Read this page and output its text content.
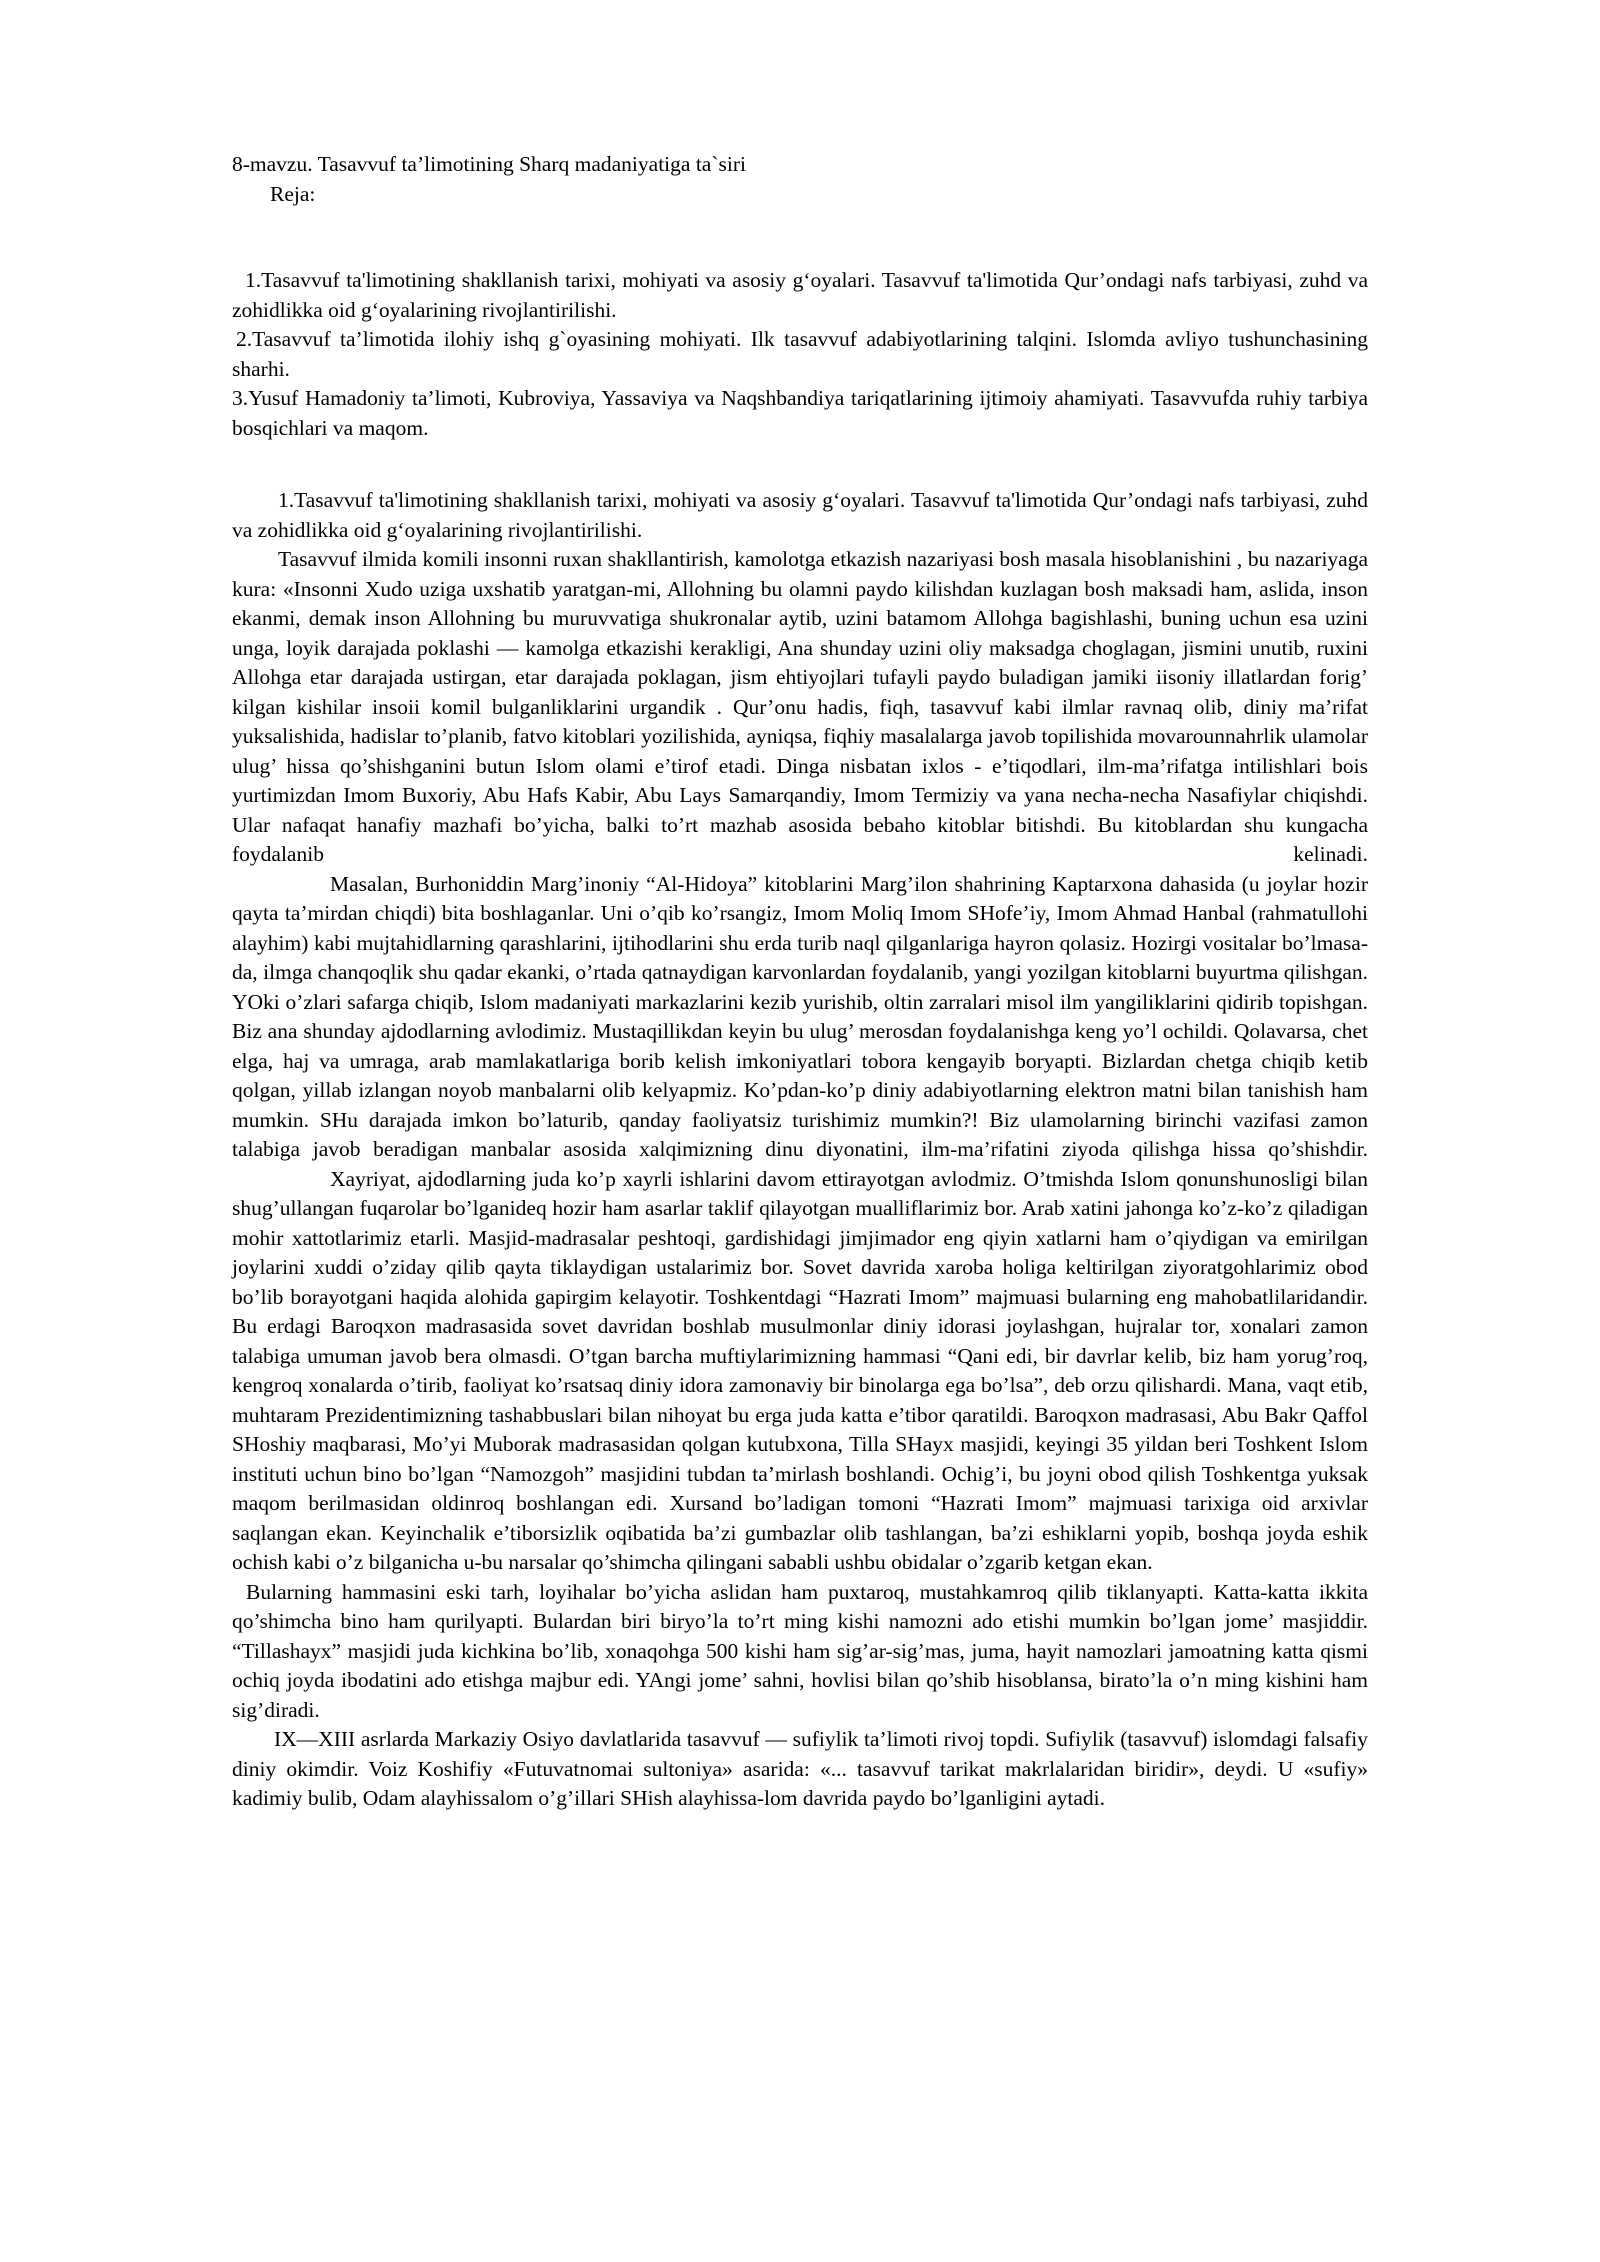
8-mavzu. Tasavvuf ta’limotining Sharq madaniyatiga ta`siri

Reja:

1.Tasavvuf ta'limotining shakllanish tarixi, mohiyati va asosiy g‘oyalari. Tasavvuf ta'limotida Qur’ondagi nafs tarbiyasi, zuhd va zohidlikka oid g‘oyalarining rivojlantirilishi.

2.Tasavvuf ta’limotida ilohiy ishq g`oyasining mohiyati. Ilk tasavvuf adabiyotlarining talqini. Islomda avliyo tushunchasining sharhi.

3.Yusuf Hamadoniy ta’limoti, Kubroviya, Yassaviya va Naqshbandiya tariqatlarining ijtimoiy ahamiyati. Tasavvufda ruhiy tarbiya bosqichlari va maqom.

1.Tasavvuf ta'limotining shakllanish tarixi, mohiyati va asosiy g‘oyalari. Tasavvuf ta'limotida Qur’ondagi nafs tarbiyasi, zuhd va zohidlikka oid g‘oyalarining rivojlantirilishi.

Tasavvuf ilmida komili insonni ruxan shakllantirish, kamolotga etkazish nazariyasi bosh masala hisoblanishini , bu nazariyaga kura: «Insonni Xudo uziga uxshatib yaratgan-mi, Allohning bu olamni paydo kilishdan kuzlagan bosh maksadi ham, aslida, inson ekanmi, demak inson Allohning bu muruvvatiga shukronalar aytib, uzini batamom Allohga bagishlashi, buning uchun esa uzini unga, loyik darajada poklashi — kamolga etkazishi kerakligi, Ana shunday uzini oliy maksadga choglagan, jismini unutib, ruxini Allohga etar darajada ustirgan, etar darajada poklagan, jism ehtiyojlari tufayli paydo buladigan jamiki iisoniy illatlardan forig’ kilgan kishilar insoii komil bulganliklarini urgandik . Qur’onu hadis, fiqh, tasavvuf kabi ilmlar ravnaq olib, diniy ma’rifat yuksalishida, hadislar to’planib, fatvo kitoblari yozilishida, ayniqsa, fiqhiy masalalarga javob topilishida movarounnahrlik ulamolar ulug’ hissa qo’shishganini butun Islom olami e’tirof etadi. Dinga nisbatan ixlos - e’tiqodlari, ilm-ma’rifatga intilishlari bois yurtimizdan Imom Buxoriy, Abu Hafs Kabir, Abu Lays Samarqandiy, Imom Termiziy va yana necha-necha Nasafiylar chiqishdi. Ular nafaqat hanafiy mazhafi bo’yicha, balki to’rt mazhab asosida bebaho kitoblar bitishdi. Bu kitoblardan shu kungacha foydalanib kelinadi.

Masalan, Burhoniddin Marg’inoniy “Al-Hidoya” kitoblarini Marg’ilon shahrining Kaptarxona dahasida (u joylar hozir qayta ta’mirdan chiqdi) bita boshlaganlar. Uni o’qib ko’rsangiz, Imom Moliq Imom SHofe’iy, Imom Ahmad Hanbal (rahmatullohi alayhim) kabi mujtahidlarning qarashlarini, ijtihodlarini shu erda turib naql qilganlariga hayron qolasiz. Hozirgi vositalar bo’lmasa-da, ilmga chanqoqlik shu qadar ekanki, o’rtada qatnaydigan karvonlardan foydalanib, yangi yozilgan kitoblarni buyurtma qilishgan. YOki o’zlari safarga chiqib, Islom madaniyati markazlarini kezib yurishib, oltin zarralari misol ilm yangiliklarini qidirib topishgan. Biz ana shunday ajdodlarning avlodimiz. Mustaqillikdan keyin bu ulug’ merosdan foydalanishga keng yo’l ochildi. Qolavarsa, chet elga, haj va umraga, arab mamlakatlariga borib kelish imkoniyatlari tobora kengayib boryapti. Bizlardan chetga chiqib ketib qolgan, yillab izlangan noyob manbalarni olib kelyapmiz. Ko’pdan-ko’p diniy adabiyotlarning elektron matni bilan tanishish ham mumkin. SHu darajada imkon bo’laturib, qanday faoliyatsiz turishimiz mumkin?! Biz ulamolarning birinchi vazifasi zamon talabiga javob beradigan manbalar asosida xalqimizning dinu diyonatini, ilm-ma’rifatini ziyoda qilishga hissa qo’shishdir.

Xayriyat, ajdodlarning juda ko’p xayrli ishlarini davom ettirayotgan avlodmiz. O’tmishda Islom qonunshunosligi bilan shug’ullangan fuqarolar bo’lganideq hozir ham asarlar taklif qilayotgan mualliflarimiz bor. Arab xatini jahonga ko’z-ko’z qiladigan mohir xattotlarimiz etarli. Masjid-madrasalar peshtoqi, gardishidagi jimjimador eng qiyin xatlarni ham o’qiydigan va emirilgan joylarini xuddi o’ziday qilib qayta tiklaydigan ustalarimiz bor. Sovet davrida xaroba holiga keltirilgan ziyoratgohlarimiz obod bo’lib borayotgani haqida alohida gapirgim kelayotir. Toshkentdagi “Hazrati Imom” majmuasi bularning eng mahobatlilaridandir. Bu erdagi Baroqxon madrasasida sovet davridan boshlab musulmonlar diniy idorasi joylashgan, hujralar tor, xonalari zamon talabiga umuman javob bera olmasdi. O’tgan barcha muftiylarimizning hammasi “Qani edi, bir davrlar kelib, biz ham yorug’roq, kengroq xonalarda o’tirib, faoliyat ko’rsatsaq diniy idora zamonaviy bir binolarga ega bo’lsa”, deb orzu qilishardi. Mana, vaqt etib, muhtaram Prezidentimizning tashabbuslari bilan nihoyat bu erga juda katta e’tibor qaratildi. Baroqxon madrasasi, Abu Bakr Qaffol SHoshiy maqbarasi, Mo’yi Muborak madrasasidan qolgan kutubxona, Tilla SHayx masjidi, keyingi 35 yildan beri Toshkent Islom instituti uchun bino bo’lgan “Namozgoh” masjidini tubdan ta’mirlash boshlandi. Ochig’i, bu joyni obod qilish Toshkentga yuksak maqom berilmasidan oldinroq boshlangan edi. Xursand bo’ladigan tomoni “Hazrati Imom” majmuasi tarixiga oid arxivlar saqlangan ekan. Keyinchalik e’tiborsizlik oqibatida ba’zi gumbazlar olib tashlangan, ba’zi eshiklarni yopib, boshqa joyda eshik ochish kabi o’z bilganicha u-bu narsalar qo’shimcha qilingani sababli ushbu obidalar o’zgarib ketgan ekan.

Bularning hammasini eski tarh, loyihalar bo’yicha aslidan ham puxtaroq, mustahkamroq qilib tiklanyapti. Katta-katta ikkita qo’shimcha bino ham qurilyapti. Bulardan biri biryo’la to’rt ming kishi namozni ado etishi mumkin bo’lgan jome’ masjiddir. “Tillashayx” masjidi juda kichkina bo’lib, xonaqohga 500 kishi ham sig’ar-sig’mas, juma, hayit namozlari jamoatning katta qismi ochiq joyda ibodatini ado etishga majbur edi. YAngi jome’ sahni, hovlisi bilan qo’shib hisoblansa, birato’la o’n ming kishini ham sig’diradi.

IX—XIII asrlarda Markaziy Osiyo davlatlarida tasavvuf — sufiylik ta’limoti rivoj topdi. Sufiylik (tasavvuf) islomdagi falsafiy diniy okimdir. Voiz Koshifiy «Futuvatnomai sultoniya» asarida: «... tasavvuf tarikat makrlalaridan biridir», deydi. U «sufiy» kadimiy bulib, Odam alayhissalom o’g’illari SHish alayhissa-lom davrida paydo bo’lganligini aytadi.
